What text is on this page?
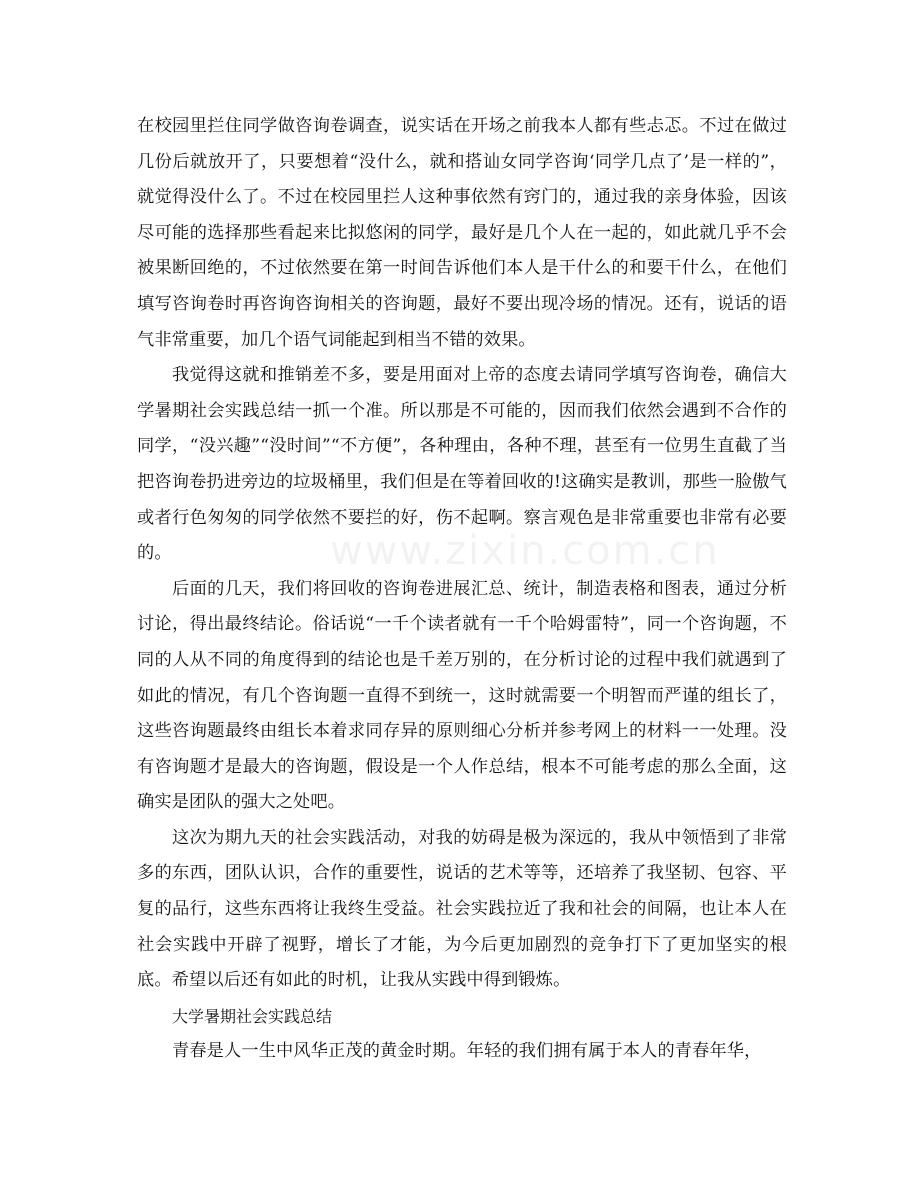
www.zixin.com.cn

在校园里拦住同学做咨询卷调查，说实话在开场之前我本人都有些忐忑。不过在做过几份后就放开了，只要想着“没什么，就和搭讪女同学咨询‘同学几点了’是一样的”，就觉得没什么了。不过在校园里拦人这种事依然有窍门的，通过我的亲身体验，因该尽可能的选择那些看起来比拟悠闲的同学，最好是几个人在一起的，如此就几乎不会被果断回绝的，不过依然要在第一时间告诉他们本人是干什么的和要干什么，在他们填写咨询卷时再咨询咨询相关的咨询题，最好不要出现冷场的情况。还有，说话的语气非常重要，加几个语气词能起到相当不错的效果。

我觉得这就和推销差不多，要是用面对上帝的态度去请同学填写咨询卷，确信大学暑期社会实践总结一抓一个准。所以那是不可能的，因而我们依然会遇到不合作的同学，“没兴趣”“没时间”“不方便”，各种理由，各种不理，甚至有一位男生直截了当把咨询卷扔进旁边的垃圾桶里，我们但是在等着回收的!这确实是教训，那些一脸傲气或者行色匆匆的同学依然不要拦的好，伤不起啊。察言观色是非常重要也非常有必要的。

后面的几天，我们将回收的咨询卷进展汇总、统计，制造表格和图表，通过分析讨论，得出最终结论。俗话说“一千个读者就有一千个哈姆雷特”，同一个咨询题，不同的人从不同的角度得到的结论也是千差万别的，在分析讨论的过程中我们就遇到了如此的情况，有几个咨询题一直得不到统一，这时就需要一个明智而严谨的组长了，这些咨询题最终由组长本着求同存异的原则细心分析并参考网上的材料一一处理。没有咨询题才是最大的咨询题，假设是一个人作总结，根本不可能考虑的那么全面，这确实是团队的强大之处吧。

这次为期九天的社会实践活动，对我的妨碍是极为深远的，我从中领悟到了非常多的东西，团队认识，合作的重要性，说话的艺术等等，还培养了我坚韧、包容、平复的品行，这些东西将让我终生受益。社会实践拉近了我和社会的间隔，也让本人在社会实践中开辟了视野，增长了才能，为今后更加剧烈的竞争打下了更加坚实的根底。希望以后还有如此的时机，让我从实践中得到锻炼。

大学暑期社会实践总结

青春是人一生中风华正茂的黄金时期。年轻的我们拥有属于本人的青春年华，
